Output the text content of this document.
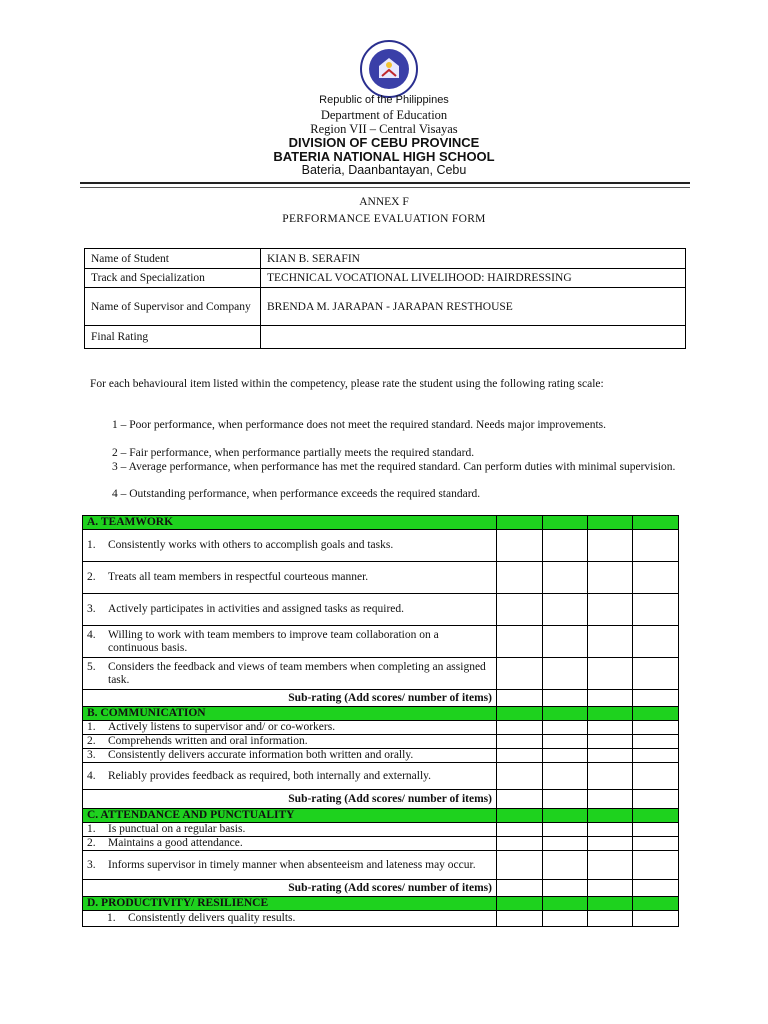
Republic of the Philippines
Department of Education
Region VII – Central Visayas
DIVISION OF CEBU PROVINCE
BATERIA NATIONAL HIGH SCHOOL
Bateria, Daanbantayan, Cebu
ANNEX F
PERFORMANCE EVALUATION FORM
Name of Student	KIAN B. SERAFIN
Track and Specialization	TECHNICAL VOCATIONAL LIVELIHOOD: HAIRDRESSING
Name of Supervisor and Company	BRENDA M. JARAPAN - JARAPAN RESTHOUSE
Final Rating	
For each behavioural item listed within the competency, please rate the student using the following rating scale:
1 – Poor performance, when performance does not meet the required standard. Needs major improvements.
2 – Fair performance, when performance partially meets the required standard.
3 – Average performance, when performance has met the required standard. Can perform duties with minimal supervision.
4 – Outstanding performance, when performance exceeds the required standard.
A. TEAMWORK				

1. Consistently works with others to accomplish goals and tasks.				

2. Treats all team members in respectful courteous manner.				

3. Actively participates in activities and assigned tasks as required.				

4. Willing to work with team members to improve team collaboration on a continuous basis.				

5. Considers the feedback and views of team members when completing an assigned task.				

Sub-rating (Add scores/ number of items)				
B. COMMUNICATION				

1. Actively listens to supervisor and/ or co-workers.				

2. Comprehends written and oral information.				

3. Consistently delivers accurate information both written and orally.				

4. Reliably provides feedback as required, both internally and externally.				

Sub-rating (Add scores/ number of items)				
C. ATTENDANCE AND PUNCTUALITY				

1. Is punctual on a regular basis.				

2. Maintains a good attendance.				

3. Informs supervisor in timely manner when absenteeism and lateness may occur.				

Sub-rating (Add scores/ number of items)				
D. PRODUCTIVITY/ RESILIENCE				

1. Consistently delivers quality results.				
